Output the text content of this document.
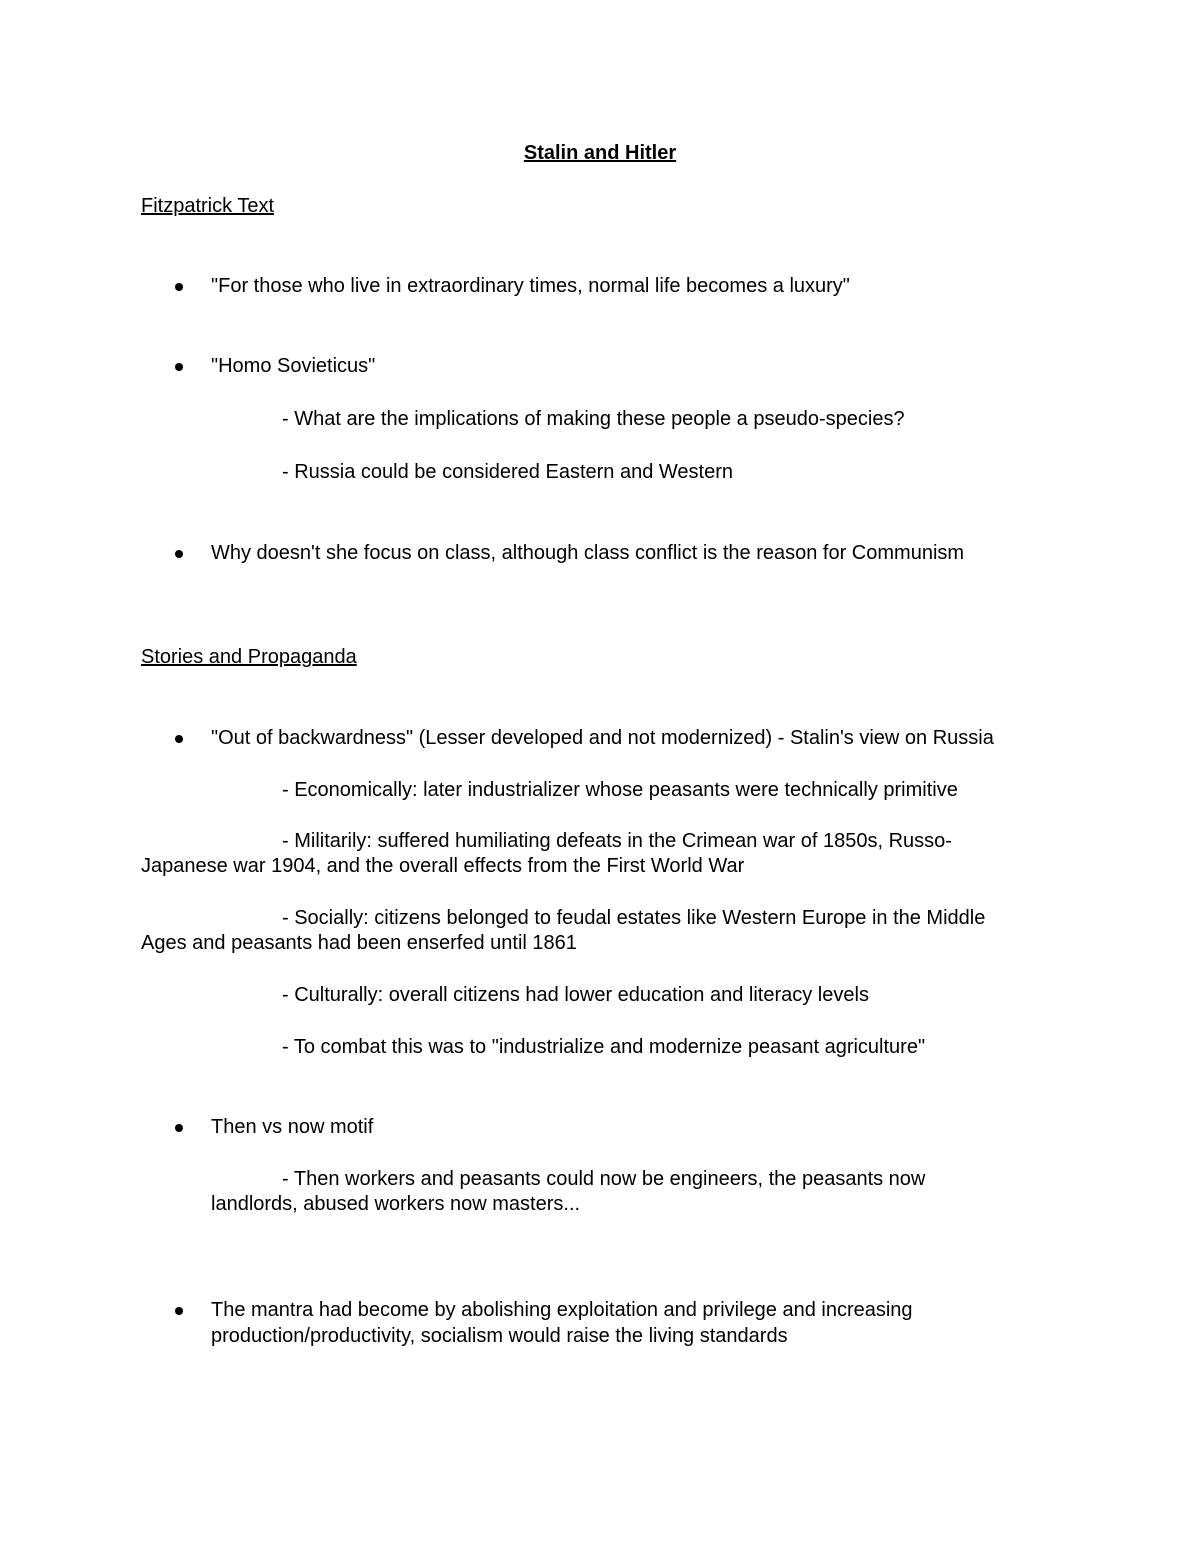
Stalin and Hitler
Fitzpatrick Text
"For those who live in extraordinary times, normal life becomes a luxury"
"Homo Sovieticus"
- What are the implications of making these people a pseudo-species?
- Russia could be considered Eastern and Western
Why doesn't she focus on class, although class conflict is the reason for Communism
Stories and Propaganda
"Out of backwardness" (Lesser developed and not modernized) - Stalin's view on Russia
- Economically: later industrializer whose peasants were technically primitive
- Militarily: suffered humiliating defeats in the Crimean war of 1850s, Russo-
Japanese war 1904, and the overall effects from the First World War
- Socially: citizens belonged to feudal estates like Western Europe in the Middle
Ages and peasants had been enserfed until 1861
- Culturally: overall citizens had lower education and literacy levels
- To combat this was to "industrialize and modernize peasant agriculture"
Then vs now motif
- Then workers and peasants could now be engineers, the peasants now
landlords, abused workers now masters...
The mantra had become by abolishing exploitation and privilege and increasing
production/productivity, socialism would raise the living standards
